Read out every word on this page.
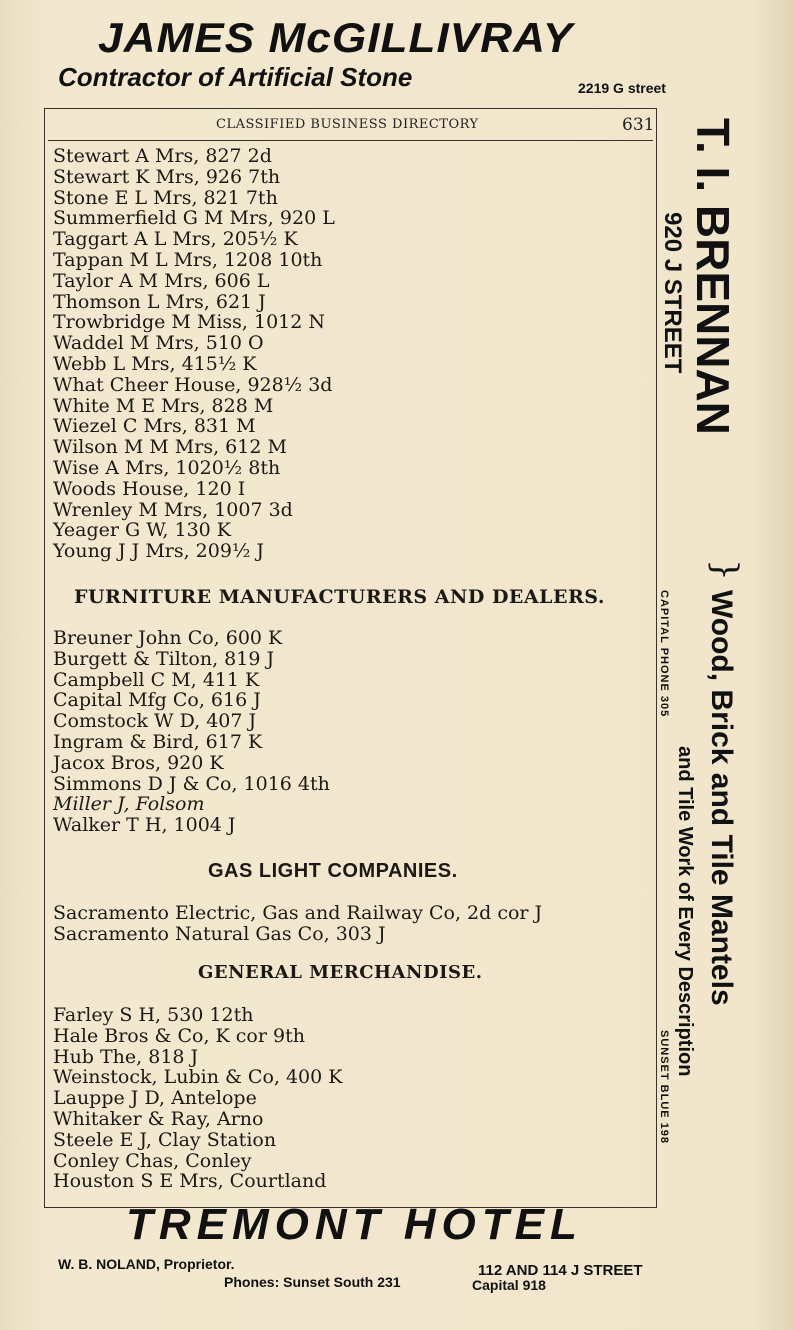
JAMES McGILLIVRAY
Contractor of Artificial Stone	2219 G street
CLASSIFIED BUSINESS DIRECTORY	631
Stewart A Mrs, 827 2d
Stewart K Mrs, 926 7th
Stone E L Mrs, 821 7th
Summerfield G M Mrs, 920 L
Taggart A L Mrs, 205½ K
Tappan M L Mrs, 1208 10th
Taylor A M Mrs, 606 L
Thomson L Mrs, 621 J
Trowbridge M Miss, 1012 N
Waddel M Mrs, 510 O
Webb L Mrs, 415½ K
What Cheer House, 928½ 3d
White M E Mrs, 828 M
Wiezel C Mrs, 831 M
Wilson M M Mrs, 612 M
Wise A Mrs, 1020½ 8th
Woods House, 120 I
Wrenley M Mrs, 1007 3d
Yeager G W, 130 K
Young J J Mrs, 209½ J
FURNITURE MANUFACTURERS AND DEALERS.
Breuner John Co, 600 K
Burgett & Tilton, 819 J
Campbell C M, 411 K
Capital Mfg Co, 616 J
Comstock W D, 407 J
Ingram & Bird, 617 K
Jacox Bros, 920 K
Simmons D J & Co, 1016 4th
Miller J, Folsom
Walker T H, 1004 J
GAS LIGHT COMPANIES.
Sacramento Electric, Gas and Railway Co, 2d cor J
Sacramento Natural Gas Co, 303 J
GENERAL MERCHANDISE.
Farley S H, 530 12th
Hale Bros & Co, K cor 9th
Hub The, 818 J
Weinstock, Lubin & Co, 400 K
Lauppe J D, Antelope
Whitaker & Ray, Arno
Steele E J, Clay Station
Conley Chas, Conley
Houston S E Mrs, Courtland
T. I. BRENNAN
920 J STREET
}
CAPITAL PHONE 305 Wood, Brick and Tile Mantels
and Tile Work of Every Description
SUNSET BLUE 198
TREMONT HOTEL
W. B. NOLAND, Proprietor.
Phones: Sunset South 231
112 AND 114 J STREET
Capital 918
